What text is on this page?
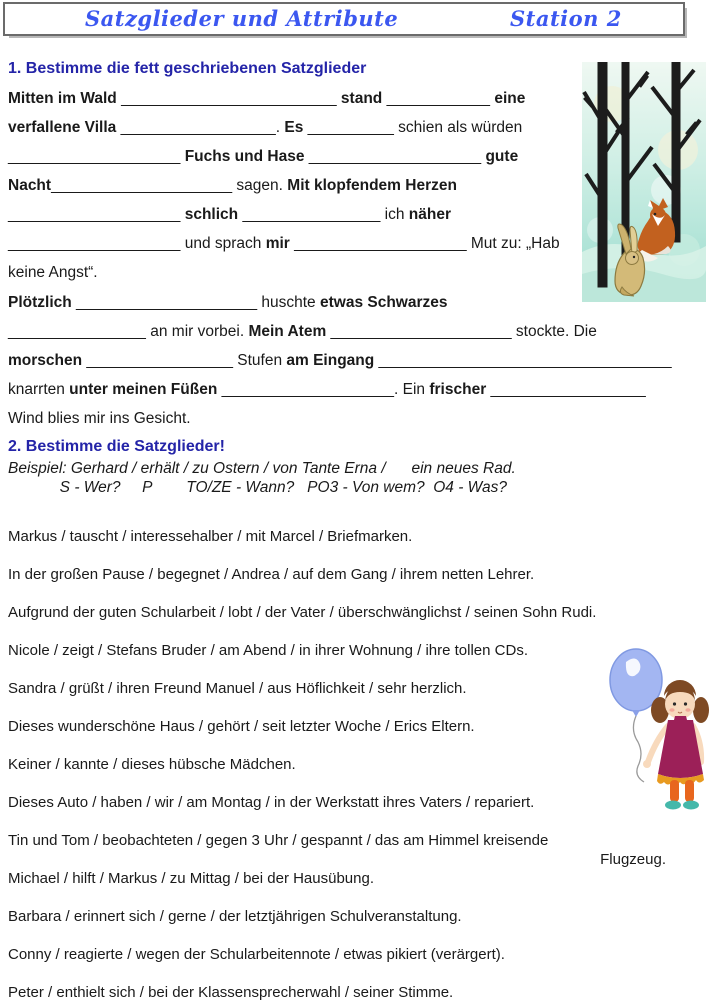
Satzglieder und Attribute	Station 2
1. Bestimme die fett geschriebenen Satzglieder
Mitten im Wald _________________________ stand ____________ eine
verfallene Villa __________________. Es __________ schien als würden
____________________ Fuchs und Hase ____________________ gute
Nacht_____________________ sagen. Mit klopfendem Herzen
____________________ schlich ________________ ich näher
____________________ und sprach mir ____________________ Mut zu: „Hab
keine Angst“.
Plötzlich _____________________ huschte etwas Schwarzes
________________ an mir vorbei. Mein Atem _____________________ stockte. Die
morschen _________________ Stufen am Eingang __________________________________
knarrten unter meinen Füßen ____________________. Ein frischer __________________
Wind blies mir ins Gesicht.
2. Bestimme die Satzglieder!
Beispiel: Gerhard / erhält / zu Ostern / von Tante Erna /      ein neues Rad.
S - Wer?     P        TO/ZE - Wann?   PO3 - Von wem?  O4 - Was?
Markus / tauscht / interessehalber / mit Marcel / Briefmarken.
In der großen Pause / begegnet / Andrea / auf dem Gang / ihrem netten Lehrer.
Aufgrund der guten Schularbeit / lobt / der Vater / überschwänglichst / seinen Sohn Rudi.
Nicole / zeigt / Stefans Bruder / am Abend / in ihrer Wohnung / ihre tollen CDs.
Sandra / grüßt / ihren Freund Manuel / aus Höflichkeit / sehr herzlich.
Dieses wunderschöne Haus / gehört / seit letzter Woche / Erics Eltern.
Keiner / kannte / dieses hübsche Mädchen.
Dieses Auto / haben / wir / am Montag / in der Werkstatt ihres Vaters / repariert.
Tin und Tom / beobachteten / gegen 3 Uhr / gespannt / das am Himmel kreisende
Flugzeug.
Michael / hilft / Markus / zu Mittag / bei der Hausübung.
Barbara / erinnert sich / gerne / der letztjährigen Schulveranstaltung.
Conny / reagierte / wegen der Schularbeitennote / etwas pikiert (verärgert).
Peter / enthielt sich / bei der Klassensprecherwahl / seiner Stimme.
